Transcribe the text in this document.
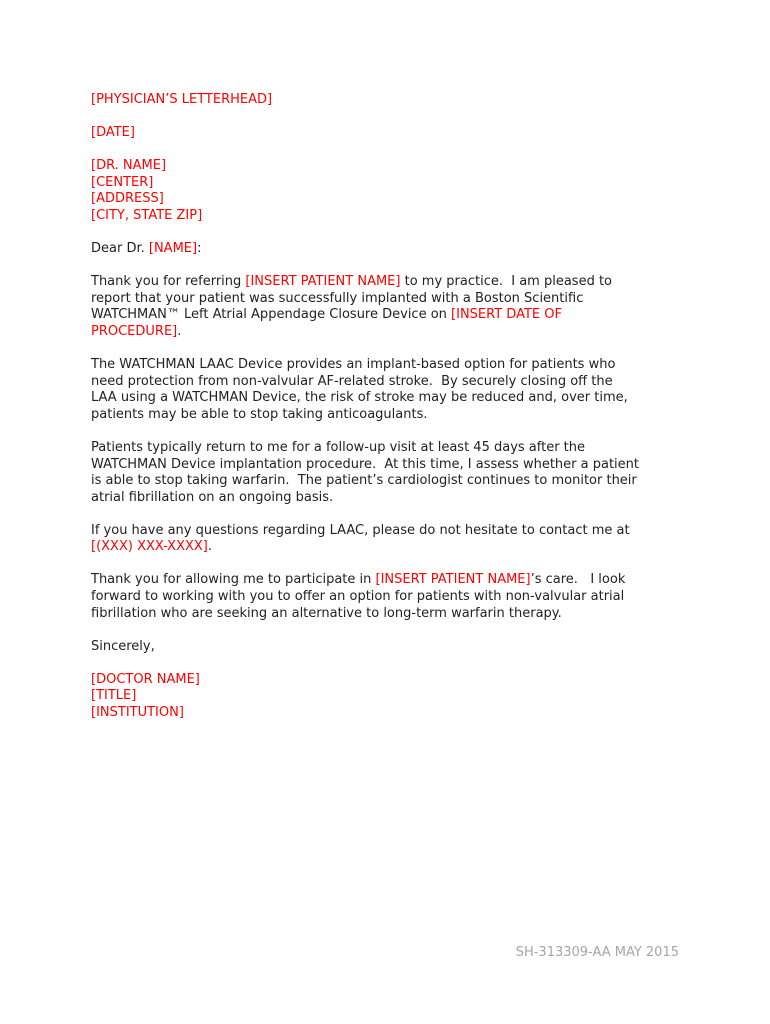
[PHYSICIAN’S LETTERHEAD]
[DATE]
[DR. NAME]
[CENTER]
[ADDRESS]
[CITY, STATE ZIP]
Dear Dr. [NAME]:
Thank you for referring [INSERT PATIENT NAME] to my practice.  I am pleased to
report that your patient was successfully implanted with a Boston Scientific
WATCHMAN™ Left Atrial Appendage Closure Device on [INSERT DATE OF
PROCEDURE].
The WATCHMAN LAAC Device provides an implant-based option for patients who
need protection from non-valvular AF-related stroke.  By securely closing off the
LAA using a WATCHMAN Device, the risk of stroke may be reduced and, over time,
patients may be able to stop taking anticoagulants.
Patients typically return to me for a follow-up visit at least 45 days after the
WATCHMAN Device implantation procedure.  At this time, I assess whether a patient
is able to stop taking warfarin.  The patient’s cardiologist continues to monitor their
atrial fibrillation on an ongoing basis.
If you have any questions regarding LAAC, please do not hesitate to contact me at
[(XXX) XXX-XXXX].
Thank you for allowing me to participate in [INSERT PATIENT NAME]’s care.   I look
forward to working with you to offer an option for patients with non-valvular atrial
fibrillation who are seeking an alternative to long-term warfarin therapy.
Sincerely,
[DOCTOR NAME]
[TITLE]
[INSTITUTION]
SH-313309-AA MAY 2015
